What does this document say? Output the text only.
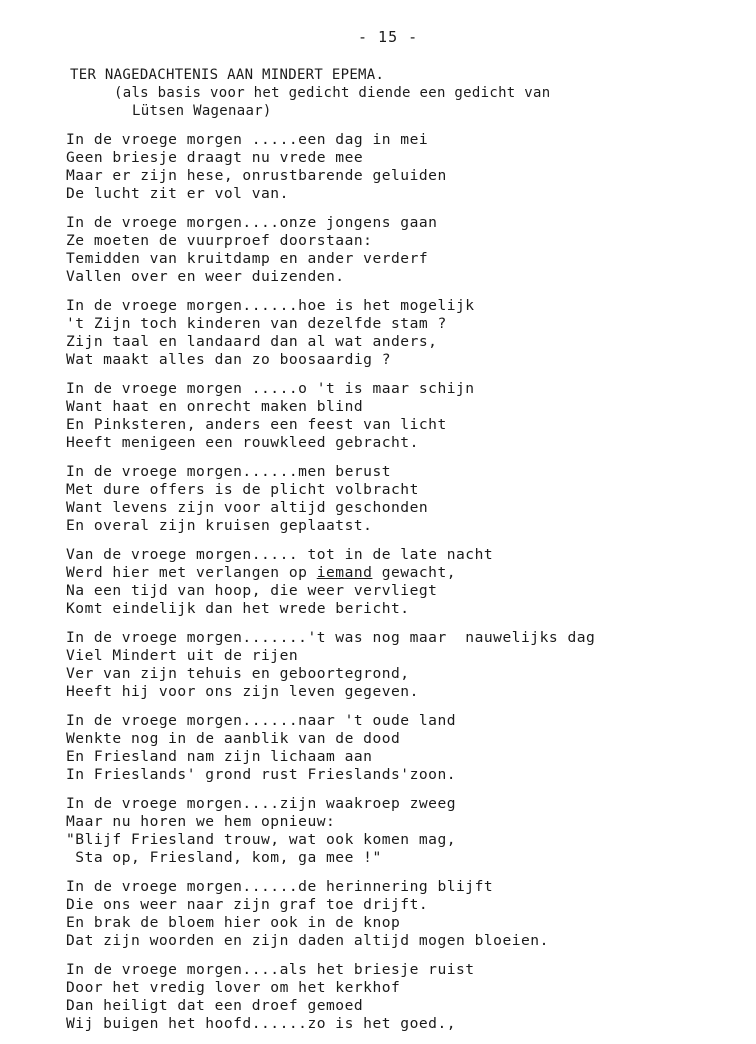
- 15 -
TER NAGEDACHTENIS AAN MINDERT EPEMA.
(als basis voor het gedicht diende een gedicht van
Lütsen Wagenaar)
In de vroege morgen .....een dag in mei
Geen briesje draagt nu vrede mee
Maar er zijn hese, onrustbarende geluiden
De lucht zit er vol van.
In de vroege morgen....onze jongens gaan
Ze moeten de vuurproef doorstaan:
Temidden van kruitdamp en ander verderf
Vallen over en weer duizenden.
In de vroege morgen......hoe is het mogelijk
't Zijn toch kinderen van dezelfde stam ?
Zijn taal en landaard dan al wat anders,
Wat maakt alles dan zo boosaardig ?
In de vroege morgen .....o 't is maar schijn
Want haat en onrecht maken blind
En Pinksteren, anders een feest van licht
Heeft menigeen een rouwkleed gebracht.
In de vroege morgen......men berust
Met dure offers is de plicht volbracht
Want levens zijn voor altijd geschonden
En overal zijn kruisen geplaatst.
Van de vroege morgen..... tot in de late nacht
Werd hier met verlangen op iemand gewacht,
Na een tijd van hoop, die weer vervliegt
Komt eindelijk dan het wrede bericht.
In de vroege morgen.......'t was nog maar  nauwelijks dag
Viel Mindert uit de rijen
Ver van zijn tehuis en geboortegrond,
Heeft hij voor ons zijn leven gegeven.
In de vroege morgen......naar 't oude land
Wenkte nog in de aanblik van de dood
En Friesland nam zijn lichaam aan
In Frieslands' grond rust Frieslands'zoon.
In de vroege morgen....zijn waakroep zweeg
Maar nu horen we hem opnieuw:
"Blijf Friesland trouw, wat ook komen mag,
Sta op, Friesland, kom, ga mee !"
In de vroege morgen......de herinnering blijft
Die ons weer naar zijn graf toe drijft.
En brak de bloem hier ook in de knop
Dat zijn woorden en zijn daden altijd mogen bloeien.
In de vroege morgen....als het briesje ruist
Door het vredig lover om het kerkhof
Dan heiligt dat een droef gemoed
Wij buigen het hoofd......zo is het goed.,
